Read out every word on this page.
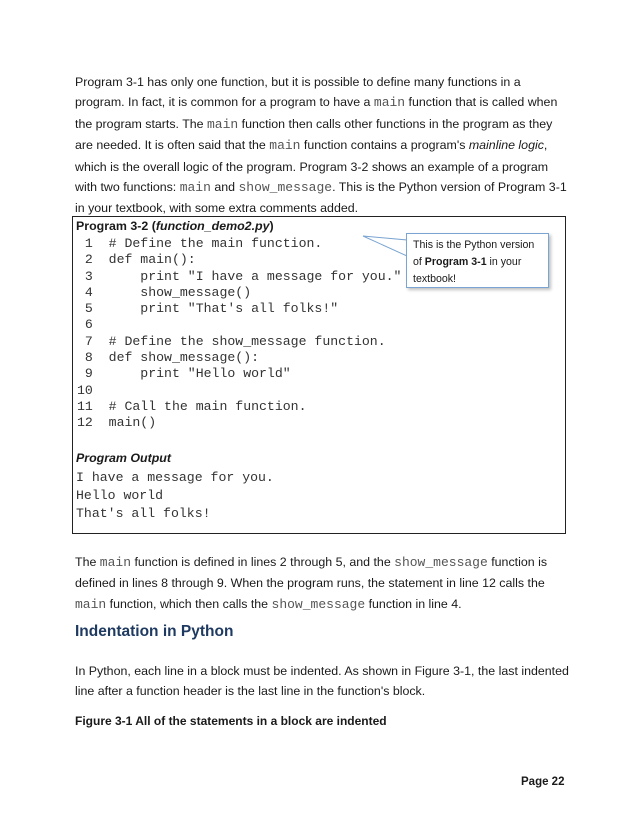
Program 3-1 has only one function, but it is possible to define many functions in a program. In fact, it is common for a program to have a main function that is called when the program starts. The main function then calls other functions in the program as they are needed. It is often said that the main function contains a program's mainline logic, which is the overall logic of the program. Program 3-2 shows an example of a program with two functions: main and show_message. This is the Python version of Program 3-1 in your textbook, with some extra comments added.
Program 3-2 (function_demo2.py)
1  # Define the main function.
2  def main():
3      print "I have a message for you."
4      show_message()
5      print "That's all folks!"
6
7  # Define the show_message function.
8  def show_message():
9      print "Hello world"
10
11  # Call the main function.
12  main()
Program Output
I have a message for you.
Hello world
That's all folks!
This is the Python version of Program 3-1 in your textbook!
The main function is defined in lines 2 through 5, and the show_message function is defined in lines 8 through 9. When the program runs, the statement in line 12 calls the main function, which then calls the show_message function in line 4.
Indentation in Python
In Python, each line in a block must be indented. As shown in Figure 3-1, the last indented line after a function header is the last line in the function's block.
Figure 3-1 All of the statements in a block are indented
Page 22
